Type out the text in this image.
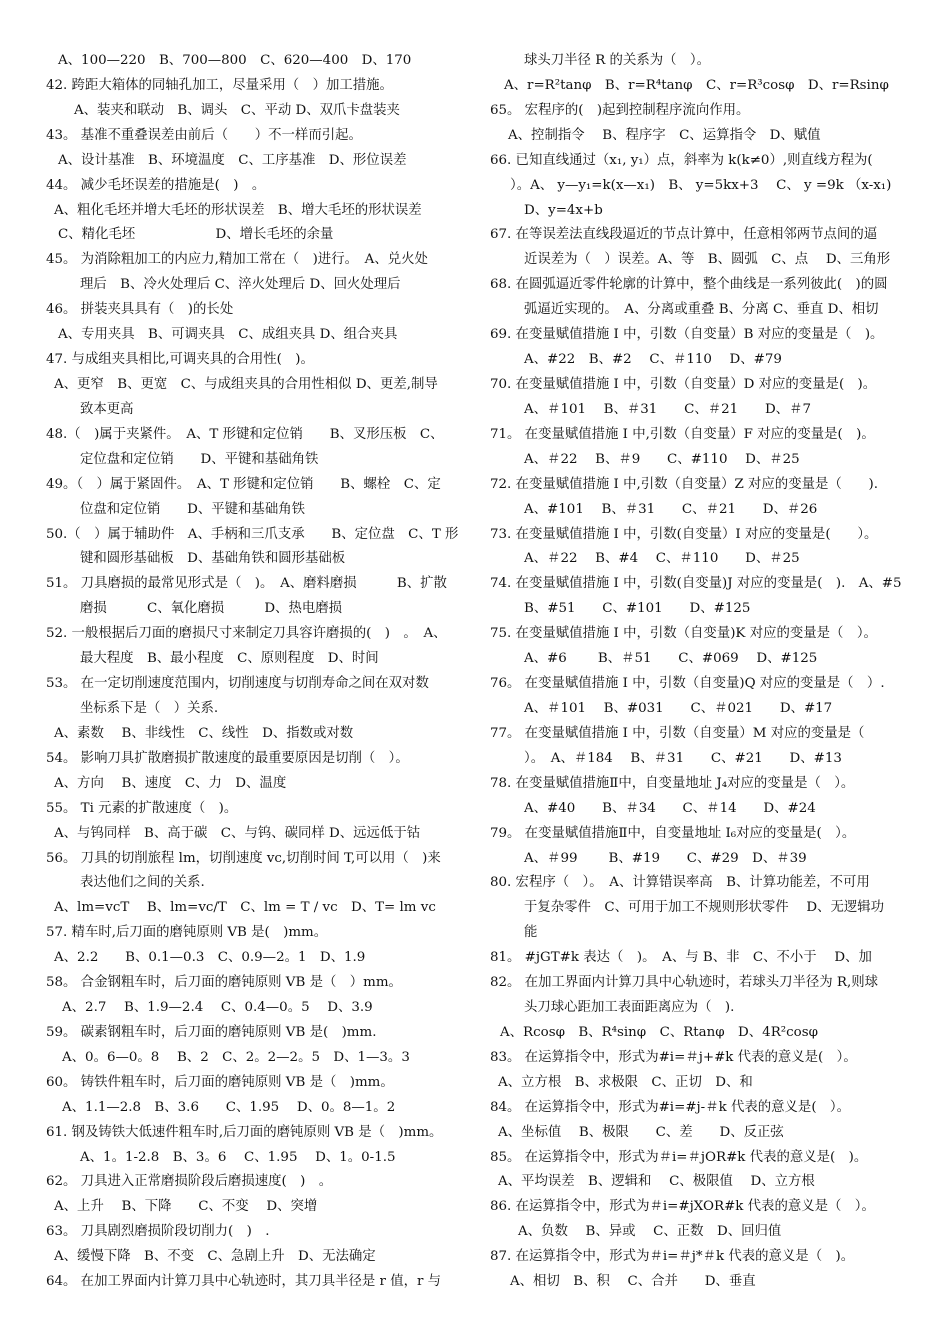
A、100—220　B、700—800　C、620—400　D、170
42. 跨距大箱体的同轴孔加工，尽量采用（　）加工措施。
A、装夹和联动　B、调头　C、平动 D、双爪卡盘装夹
43。 基准不重叠误差由前后（　　）不一样而引起。
A、设计基准　B、环境温度　C、工序基准　D、形位误差
44。 减少毛坯误差的措施是(　)　。
A、粗化毛坯并增大毛坯的形状误差　B、增大毛坯的形状误差
C、精化毛坯　　　　　　D、增长毛坯的余量
45。 为消除粗加工的内应力,精加工常在（　)进行。　A、兑火处
理后　B、冷火处理后 C、淬火处理后 D、回火处理后
46。 拼装夹具具有（　)的长处
A、专用夹具　B、可调夹具　C、成组夹具 D、组合夹具
47. 与成组夹具相比,可调夹具的合用性(　)。
A、更窄　B、更宽　C、与成组夹具的合用性相似 D、更差,制导
致本更高
48.（　)属于夹紧件。　A、T 形键和定位销　　B、叉形压板　C、
定位盘和定位销　　D、平键和基础角铁
49。（　）属于紧固件。　A、T 形键和定位销　　B、螺栓　C、定
位盘和定位销　　D、平键和基础角铁
50.（　）属于辅助件　A、手柄和三爪支承　　B、定位盘　C、T 形
键和圆形基础板　D、基础角铁和圆形基础板
51。 刀具磨损的最常见形式是（　)。　A、磨料磨损　　　B、扩散
磨损　　　C、氧化磨损　　　D、热电磨损
52. 一般根据后刀面的磨损尺寸来制定刀具容许磨损的(　)　。　A、
最大程度　B、最小程度　C、原则程度　D、时间
53。 在一定切削速度范围内，切削速度与切削寿命之间在双对数
坐标系下是（　）关系.
A、素数　 B、非线性　C、线性　D、指数或对数
54。 影响刀具扩散磨损扩散速度的最重要原因是切削（　）。
A、方向　 B、速度　C、力　D、温度
55。 Ti 元素的扩散速度（　)。
A、与钨同样　B、高于碳　C、与钨、碳同样 D、远远低于钴
56。 刀具的切削旅程 lm，切削速度 vc,切削时间 T,可以用（　)来
表达他们之间的关系.
A、lm=vcT　 B、lm=vc/T　C、lm = T / vc　D、T= lm vc
57. 精车时,后刀面的磨钝原则 VB 是(　)mm。
A、2.2　　B、0.1—0.3　C、0.9—2。1　D、1.9
58。 合金钢粗车时，后刀面的磨钝原则 VB 是（　）mm。
A、2.7　 B、1.9—2.4　 C、0.4—0。5　 D、3.9
59。 碳素钢粗车时，后刀面的磨钝原则 VB 是(　)mm.
A、0。6—0。8　 B、2　C、2。2—2。5　D、1—3。3
60。 铸铁件粗车时，后刀面的磨钝原则 VB 是（　)mm。
A、1.1—2.8　B、3.6　　C、1.95　 D、0。8—1。2
61. 钢及铸铁大低速件粗车时,后刀面的磨钝原则 VB 是（　)mm。
A、1。1-2.8　B、3。6　 C、1.95　 D、1。0-1.5
62。 刀具进入正常磨损阶段后磨损速度(　)　。
A、上升　 B、下降　　C、不变　 D、突增
63。 刀具剧烈磨损阶段切削力(　)　.
A、缓慢下降　B、不变　C、急剧上升　D、无法确定
64。 在加工界面内计算刀具中心轨迹时，其刀具半径是 r 值，r 与
球头刀半径 R 的关系为（　）。
A、r=R²tanφ　B、r=R⁴tanφ　C、r=R³cosφ　D、r=Rsinφ
65。 宏程序的(　)起到控制程序流向作用。
A、控制指令　 B、程序字　C、运算指令　D、赋值
66. 已知直线通过（x₁, y₁）点，斜率为 k(k≠0）,则直线方程为(
）。A、 y—y₁=k(x—x₁)　B、 y=5kx+3　 C、 y =9k （x-x₁)
D、y=4x+b
67. 在等误差法直线段逼近的节点计算中，任意相邻两节点间的逼
近误差为（　）误差。A、等　B、圆弧　C、点　 D、三角形
68. 在圆弧逼近零件轮廓的计算中，整个曲线是一系列彼此(　)的圆
弧逼近实现的。　A、分离或重叠 B、分离 C、垂直 D、相切
69. 在变量赋值措施 I 中，引数（自变量）B 对应的变量是（　)。
A、#22　B、#2　 C、＃110　 D、#79
70. 在变量赋值措施 I 中，引数（自变量）D 对应的变量是(　)。
A、＃101　 B、＃31　　C、＃21　　D、＃7
71。 在变量赋值措施 I 中,引数（自变量）F 对应的变量是(　)。
A、＃22　 B、＃9　　C、#110　 D、＃25
72. 在变量赋值措施 I 中,引数（自变量）Z 对应的变量是（　　).
A、#101　 B、＃31　　C、＃21　　D、＃26
73. 在变量赋值措施 I 中，引数(自变量）I 对应的变量是(　　）。
A、＃22　 B、#4　 C、＃110　　D、＃25
74. 在变量赋值措施 I 中，引数(自变量)J 对应的变量是(　).　A、#5
B、#51　　C、#101　　D、#125
75. 在变量赋值措施 I 中，引数（自变量)K 对应的变量是（　）。
A、#6　　 B、＃51　　C、#069　 D、#125
76。 在变量赋值措施 I 中，引数（自变量)Q 对应的变量是（　）.
A、＃101　 B、#031　　C、＃021　　D、#17
77。 在变量赋值措施 I 中，引数（自变量）M 对应的变量是（
）。　A、＃184　 B、＃31　　C、#21　　D、#13
78. 在变量赋值措施Ⅱ中，自变量地址 J₄对应的变量是（　）。
A、#40　　B、＃34　　C、＃14　　D、#24
79。 在变量赋值措施Ⅱ中，自变量地址 I₆对应的变量是(　）。
A、＃99　　 B、#19　　C、#29　D、＃39
80. 宏程序（　）。　A、计算错误率高　B、计算功能差，不可用
于复杂零件　C、可用于加工不规则形状零件　 D、无逻辑功
能
81。 #jGT#k 表达（　)。　A、与 B、非　C、不小于　 D、加
82。 在加工界面内计算刀具中心轨迹时，若球头刀半径为 R,则球
头刀球心距加工表面距离应为（　).
A、Rcosφ　B、R⁴sinφ　C、Rtanφ　D、4R²cosφ
83。 在运算指令中，形式为#i=＃j+#k 代表的意义是(　）。
A、立方根　B、求极限　C、正切　D、和
84。 在运算指令中，形式为#i=#j-＃k 代表的意义是(　）。
A、坐标值　 B、极限　　C、差　　D、反正弦
85。 在运算指令中，形式为＃i=＃jOR#k 代表的意义是(　)。
A、平均误差　B、逻辑和　 C、极限值　 D、立方根
86. 在运算指令中，形式为＃i=#jXOR#k 代表的意义是（　）。
A、负数　 B、异或　 C、正数　D、回归值
87. 在运算指令中，形式为＃i=＃j*＃k 代表的意义是（　)。
A、相切　B、积　 C、合并　　D、垂直
